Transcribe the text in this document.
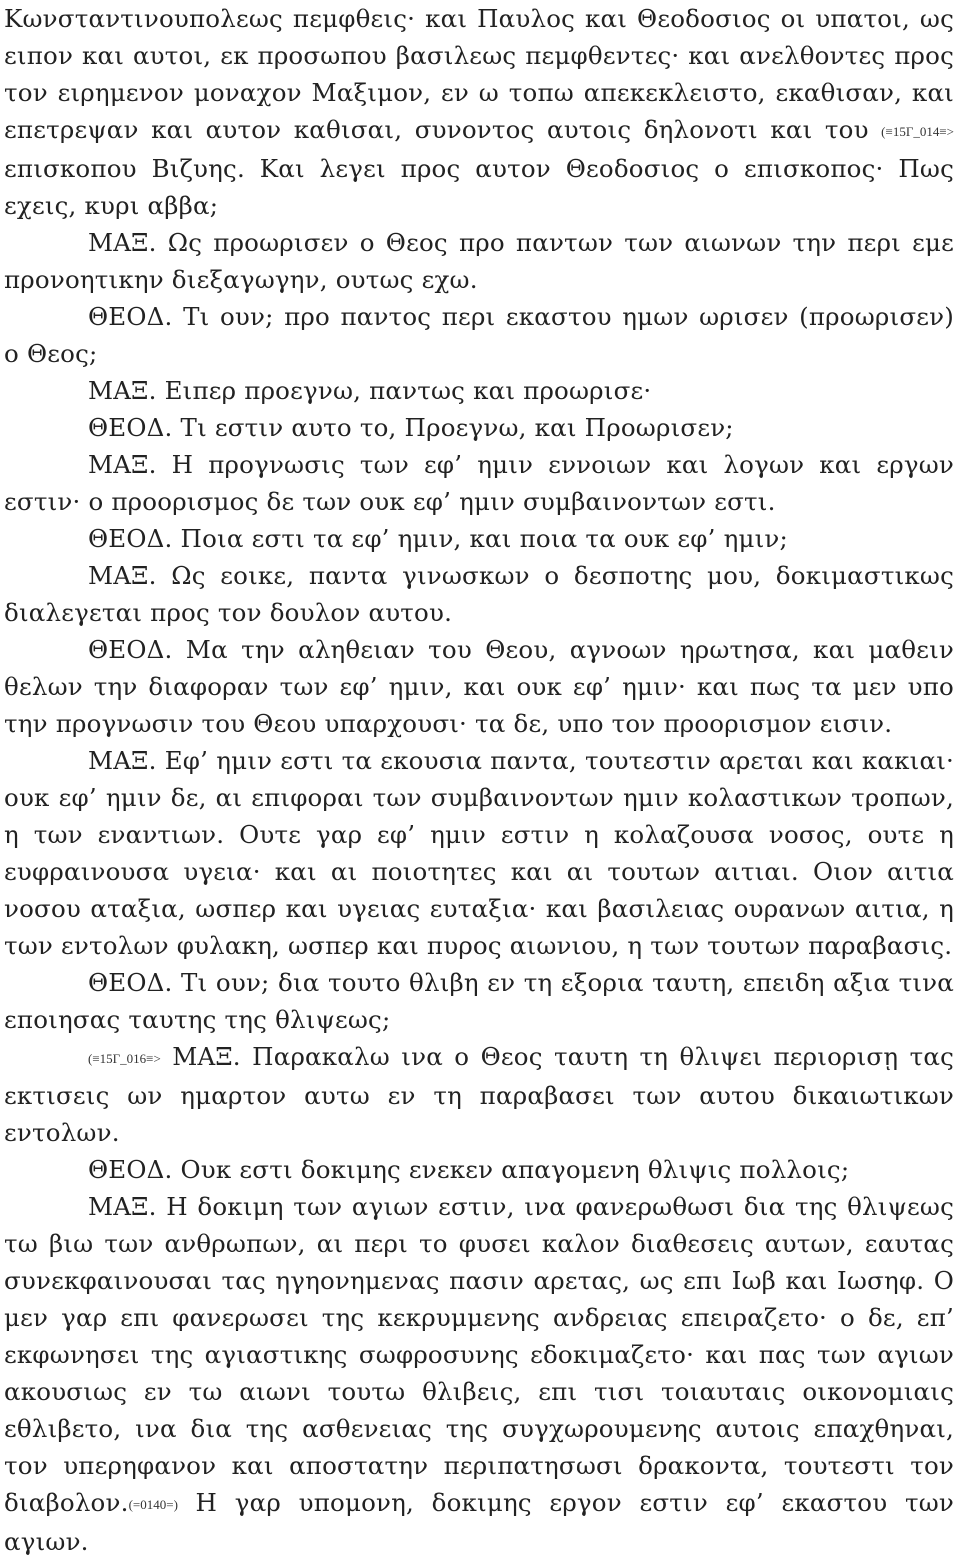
Κωνσταντινουπολεως πεμφθεις· και Παυλος και Θεοδοσιος οι υπατοι, ως ειπον και αυτοι, εκ προσωπου βασιλεως πεμφθεντες· και ανελθοντες προς τον ειρημενον μοναχον Μαξιμον, εν ω τοπω απεκεκλειστο, εκαθισαν, και επετρεψαν και αυτον καθισαι, συνοντος αυτοις δηλονοτι και του (≡15Γ_014≡> επισκοπου Βιζυης. Και λεγει προς αυτον Θεοδοσιος ο επισκοπος· Πως εχεις, κυρι αββα;

ΜΑΞ. Ως προωρισεν ο Θεος προ παντων των αιωνων την περι εμε προνοητικην διεξαγωγην, ουτως εχω.

ΘΕΟΔ. Τι ουν; προ παντος περι εκαστου ημων ωρισεν (προωρισεν) ο Θεος;

ΜΑΞ. Ειπερ προεγνω, παντως και προωρισε·

ΘΕΟΔ. Τι εστιν αυτο το, Προεγνω, και Προωρισεν;

ΜΑΞ. Η προγνωσις των εφ’ ημιν εννοιων και λογων και εργων εστιν· ο προορισμος δε των ουκ εφ’ ημιν συμβαινοντων εστι.

ΘΕΟΔ. Ποια εστι τα εφ’ ημιν, και ποια τα ουκ εφ’ ημιν;

ΜΑΞ. Ως εοικε, παντα γινωσκων ο δεσποτης μου, δοκιμαστικως διαλεγεται προς τον δουλον αυτου.

ΘΕΟΔ. Μα την αληθειαν του Θεου, αγνοων ηρωτησα, και μαθειν θελων την διαφοραν των εφ’ ημιν, και ουκ εφ’ ημιν· και πως τα μεν υπο την προγνωσιν του Θεου υπαρχουσι· τα δε, υπο τον προορισμον εισιν.

ΜΑΞ. Εφ’ ημιν εστι τα εκουσια παντα, τουτεστιν αρεται και κακιαι· ουκ εφ’ ημιν δε, αι επιφοραι των συμβαινοντων ημιν κολαστικων τροπων, η των εναντιων. Ουτε γαρ εφ’ ημιν εστιν η κολαζουσα νοσος, ουτε η ευφραινουσα υγεια· και αι ποιοτητες και αι τουτων αιτιαι. Οιον αιτια νοσου αταξια, ωσπερ και υγειας ευταξια· και βασιλειας ουρανων αιτια, η των εντολων φυλακη, ωσπερ και πυρος αιωνιου, η των τουτων παραβασις.

ΘΕΟΔ. Τι ουν; δια τουτο θλιβη εν τη εξορια ταυτη, επειδη αξια τινα εποιησας ταυτης της θλιψεως;

(≡15Γ_016≡> ΜΑΞ. Παρακαλω ινα ο Θεος ταυτη τη θλιψει περιορισῃ τας εκτισεις ων ημαρτον αυτω εν τη παραβασει των αυτου δικαιωτικων εντολων.

ΘΕΟΔ. Ουκ εστι δοκιμης ενεκεν απαγομενη θλιψις πολλοις;

ΜΑΞ. Η δοκιμη των αγιων εστιν, ινα φανερωθωσι δια της θλιψεως τω βιω των ανθρωπων, αι περι το φυσει καλον διαθεσεις αυτων, εαυτας συνεκφαινουσαι τας ηγηονημενας πασιν αρετας, ως επι Ιωβ και Ιωσηφ. Ο μεν γαρ επι φανερωσει της κεκρυμμενης ανδρειας επειραζετο· ο δε, επ’ εκφωνησει της αγιαστικης σωφροσυνης εδοκιμαζετο· και πας των αγιων ακουσιως εν τω αιωνι τουτω θλιβεις, επι τισι τοιαυταις οικονομιαις εθλιβετο, ινα δια της ασθενειας της συγχωρουμενης αυτοις επαχθηναι, τον υπερηφανον και αποστατην περιπατησωσι δρακοντα, τουτεστι τον διαβολον.(=0140=) Η γαρ υπομονη, δοκιμης εργον εστιν εφ’ εκαστου των αγιων.
